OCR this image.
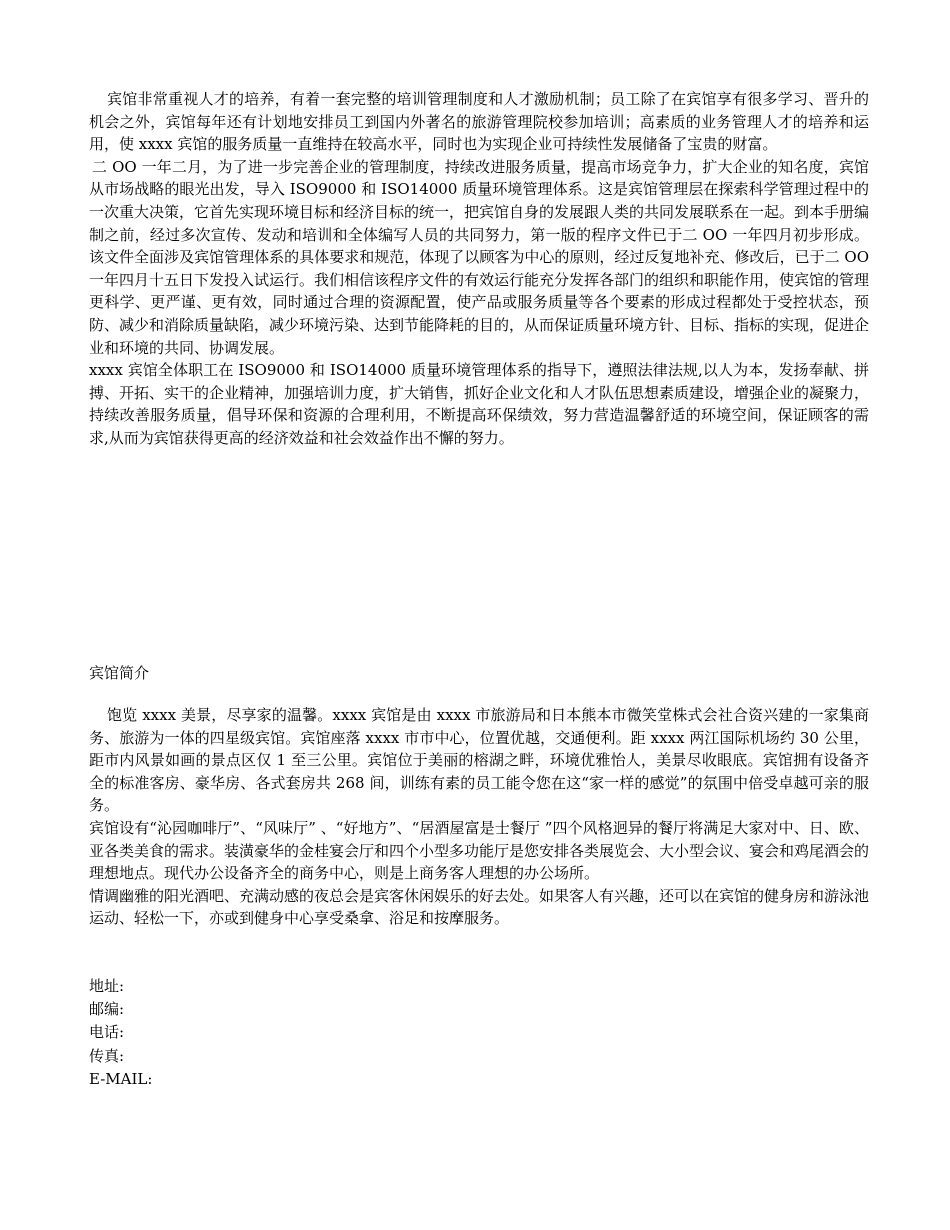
宾馆非常重视人才的培养，有着一套完整的培训管理制度和人才激励机制；员工除了在宾馆享有很多学习、晋升的机会之外，宾馆每年还有计划地安排员工到国内外著名的旅游管理院校参加培训；高素质的业务管理人才的培养和运用，使 xxxx 宾馆的服务质量一直维持在较高水平，同时也为实现企业可持续性发展储备了宝贵的财富。

二 OO 一年二月，为了进一步完善企业的管理制度，持续改进服务质量，提高市场竞争力，扩大企业的知名度，宾馆从市场战略的眼光出发，导入 ISO9000 和 ISO14000 质量环境管理体系。这是宾馆管理层在探索科学管理过程中的一次重大决策，它首先实现环境目标和经济目标的统一，把宾馆自身的发展跟人类的共同发展联系在一起。到本手册编制之前，经过多次宣传、发动和培训和全体编写人员的共同努力，第一版的程序文件已于二 OO 一年四月初步形成。该文件全面涉及宾馆管理体系的具体要求和规范，体现了以顾客为中心的原则，经过反复地补充、修改后，已于二 OO 一年四月十五日下发投入试运行。我们相信该程序文件的有效运行能充分发挥各部门的组织和职能作用，使宾馆的管理更科学、更严谨、更有效，同时通过合理的资源配置，使产品或服务质量等各个要素的形成过程都处于受控状态，预防、减少和消除质量缺陷，减少环境污染、达到节能降耗的目的，从而保证质量环境方针、目标、指标的实现，促进企业和环境的共同、协调发展。

xxxx 宾馆全体职工在 ISO9000 和 ISO14000 质量环境管理体系的指导下，遵照法律法规,以人为本，发扬奉献、拼搏、开拓、实干的企业精神，加强培训力度，扩大销售，抓好企业文化和人才队伍思想素质建设，增强企业的凝聚力，持续改善服务质量，倡导环保和资源的合理利用，不断提高环保绩效，努力营造温馨舒适的环境空间，保证顾客的需求,从而为宾馆获得更高的经济效益和社会效益作出不懈的努力。

宾馆简介

饱览 xxxx 美景，尽享家的温馨。xxxx 宾馆是由 xxxx 市旅游局和日本熊本市微笑堂株式会社合资兴建的一家集商务、旅游为一体的四星级宾馆。宾馆座落 xxxx 市市中心，位置优越，交通便利。距 xxxx 两江国际机场约 30 公里，距市内风景如画的景点区仅 1 至三公里。宾馆位于美丽的榕湖之畔，环境优雅怡人，美景尽收眼底。宾馆拥有设备齐全的标准客房、豪华房、各式套房共 268 间，训练有素的员工能令您在这“家一样的感觉”的氛围中倍受卓越可亲的服务。

宾馆设有“沁园咖啡厅”、“风味厅” 、“好地方”、“居酒屋富是士餐厅 ”四个风格迥异的餐厅将满足大家对中、日、欧、亚各类美食的需求。装潢豪华的金桂宴会厅和四个小型多功能厅是您安排各类展览会、大小型会议、宴会和鸡尾酒会的理想地点。现代办公设备齐全的商务中心，则是上商务客人理想的办公场所。

情调幽雅的阳光酒吧、充满动感的夜总会是宾客休闲娱乐的好去处。如果客人有兴趣，还可以在宾馆的健身房和游泳池运动、轻松一下，亦或到健身中心享受桑拿、浴足和按摩服务。

地址:

邮编:

电话:

传真:

E-MAIL:
